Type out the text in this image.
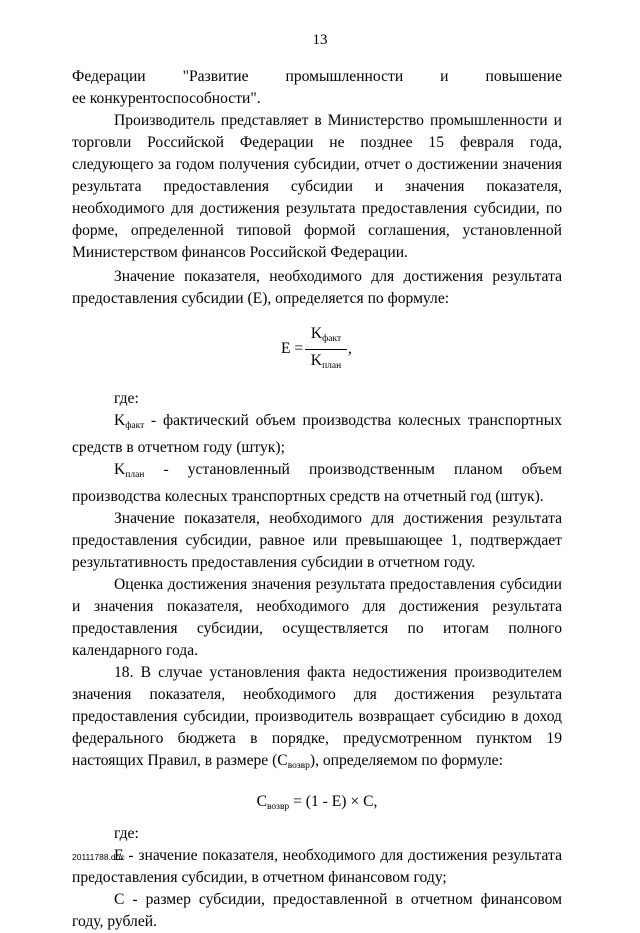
13

Федерации "Развитие промышленности и повышение

ее конкурентоспособности".

Производитель представляет в Министерство промышленности и торговли Российской Федерации не позднее 15 февраля года, следующего за годом получения субсидии, отчет о достижении значения результата предоставления субсидии и значения показателя, необходимого для достижения результата предоставления субсидии, по форме, определенной типовой формой соглашения, установленной Министерством финансов Российской Федерации.

Значение показателя, необходимого для достижения результата предоставления субсидии (E), определяется по формуле:

E =
$K_{факт}$
$K_{план}$
,

где:

$K_{факт}$ - фактический объем производства колесных транспортных средств в отчетном году (штук);

$K_{план}$ - установленный производственным планом объем производства колесных транспортных средств на отчетный год (штук).

Значение показателя, необходимого для достижения результата предоставления субсидии, равное или превышающее 1, подтверждает результативность предоставления субсидии в отчетном году.

Оценка достижения значения результата предоставления субсидии и значения показателя, необходимого для достижения результата предоставления субсидии, осуществляется по итогам полного календарного года.

18. В случае установления факта недостижения производителем значения показателя, необходимого для достижения результата предоставления субсидии, производитель возвращает субсидию в доход федерального бюджета в порядке, предусмотренном пунктом 19 настоящих Правил, в размере $(C_{возвр})$, определяемом по формуле:

$C_{возвр} = (1 - E) \times C$,

где:

E - значение показателя, необходимого для достижения результата предоставления субсидии, в отчетном финансовом году;

C - размер субсидии, предоставленной в отчетном финансовом году, рублей.

20111788.doc
